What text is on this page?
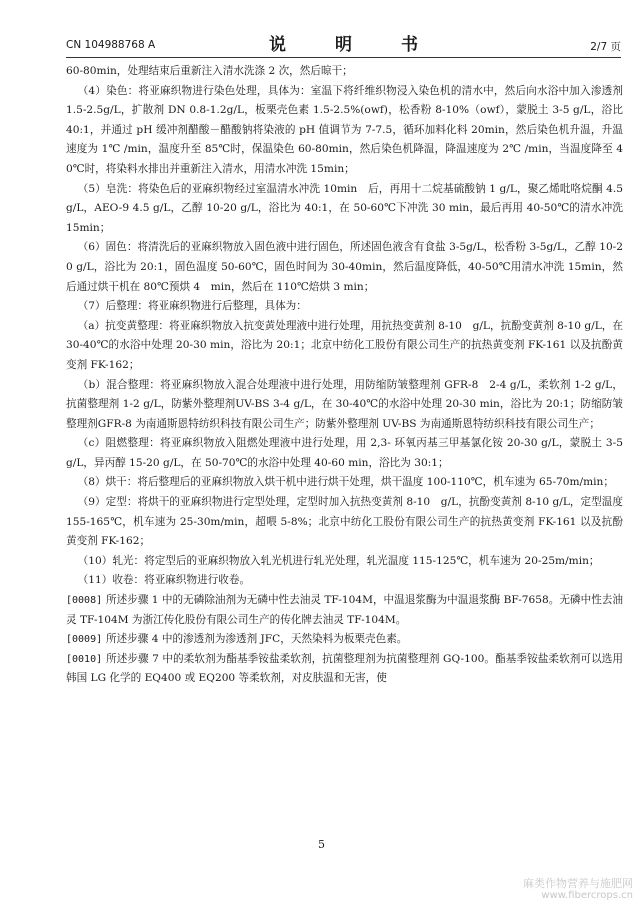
CN 104988768 A	说　明　书	2/7 页

60-80min，处理结束后重新注入清水洗涤 2 次，然后晾干；

（4）染色：将亚麻织物进行染色处理，具体为：室温下将纤维织物浸入染色机的清水中，然后向水浴中加入渗透剂 1.5-2.5g/L，扩散剂 DN 0.8-1.2g/L，板栗壳色素 1.5-2.5%(owf)，松香粉 8-10%（owf），蒙脱土 3-5 g/L，浴比 40:1，并通过 pH 缓冲剂醋酸－醋酸钠将染液的 pH 值调节为 7-7.5，循环加料化料 20min，然后染色机升温，升温速度为 1℃ /min，温度升至 85℃时，保温染色 60-80min，然后染色机降温，降温速度为 2℃ /min，当温度降至 40℃时，将染料水排出并重新注入清水，用清水冲洗 15min；

（5）皂洗：将染色后的亚麻织物经过室温清水冲洗 10min　后，再用十二烷基硫酸钠 1 g/L，聚乙烯吡咯烷酮 4.5 g/L，AEO-9 4.5 g/L，乙醇 10-20 g/L，浴比为 40:1，在 50-60℃下冲洗 30 min，最后再用 40-50℃的清水冲洗 15min；

（6）固色：将清洗后的亚麻织物放入固色液中进行固色，所述固色液含有食盐 3-5g/L，松香粉 3-5g/L，乙醇 10-20 g/L，浴比为 20:1，固色温度 50-60℃，固色时间为 30-40min，然后温度降低，40-50℃用清水冲洗 15min，然后通过烘干机在 80℃预烘 4　min，然后在 110℃焙烘 3 min；

（7）后整理：将亚麻织物进行后整理，具体为：

（a）抗变黄整理：将亚麻织物放入抗变黄处理液中进行处理，用抗热变黄剂 8-10　g/L，抗酚变黄剂 8-10 g/L，在 30-40℃的水浴中处理 20-30 min，浴比为 20:1；北京中纺化工股份有限公司生产的抗热黄变剂 FK-161 以及抗酚黄变剂 FK-162；

（b）混合整理：将亚麻织物放入混合处理液中进行处理，用防缩防皱整理剂 GFR-8　2-4 g/L，柔软剂 1-2 g/L，抗菌整理剂 1-2 g/L，防紫外整理剂UV-BS 3-4 g/L，在 30-40℃的水浴中处理 20-30 min，浴比为 20:1；防缩防皱整理剂GFR-8 为南通斯恩特纺织科技有限公司生产；防紫外整理剂 UV-BS 为南通斯恩特纺织科技有限公司生产；

（c）阻燃整理：将亚麻织物放入阻燃处理液中进行处理，用 2,3- 环氧丙基三甲基氯化铵 20-30 g/L，蒙脱土 3-5 g/L，异丙醇 15-20 g/L，在 50-70℃的水浴中处理 40-60 min，浴比为 30:1；

（8）烘干：将后整理后的亚麻织物放入烘干机中进行烘干处理，烘干温度 100-110℃，机车速为 65-70m/min；

（9）定型：将烘干的亚麻织物进行定型处理，定型时加入抗热变黄剂 8-10　g/L，抗酚变黄剂 8-10 g/L，定型温度 155-165℃，机车速为 25-30m/min，超喂 5-8%；北京中纺化工股份有限公司生产的抗热黄变剂 FK-161 以及抗酚黄变剂 FK-162；

（10）轧光：将定型后的亚麻织物放入轧光机进行轧光处理，轧光温度 115-125℃，机车速为 20-25m/min；

（11）收卷：将亚麻织物进行收卷。

[0008] 所述步骤 1 中的无磷除油剂为无磷中性去油灵 TF-104M，中温退浆酶为中温退浆酶 BF-7658。无磷中性去油灵 TF-104M 为浙江传化股份有限公司生产的传化牌去油灵 TF-104M。

[0009] 所述步骤 4 中的渗透剂为渗透剂 JFC，天然染料为板栗壳色素。

[0010] 所述步骤 7 中的柔软剂为酯基季铵盐柔软剂，抗菌整理剂为抗菌整理剂 GQ-100。酯基季铵盐柔软剂可以选用韩国 LG 化学的 EQ400 或 EQ200 等柔软剂，对皮肤温和无害，使

5
麻类作物营养与施肥网
www.fibercrops.cn
